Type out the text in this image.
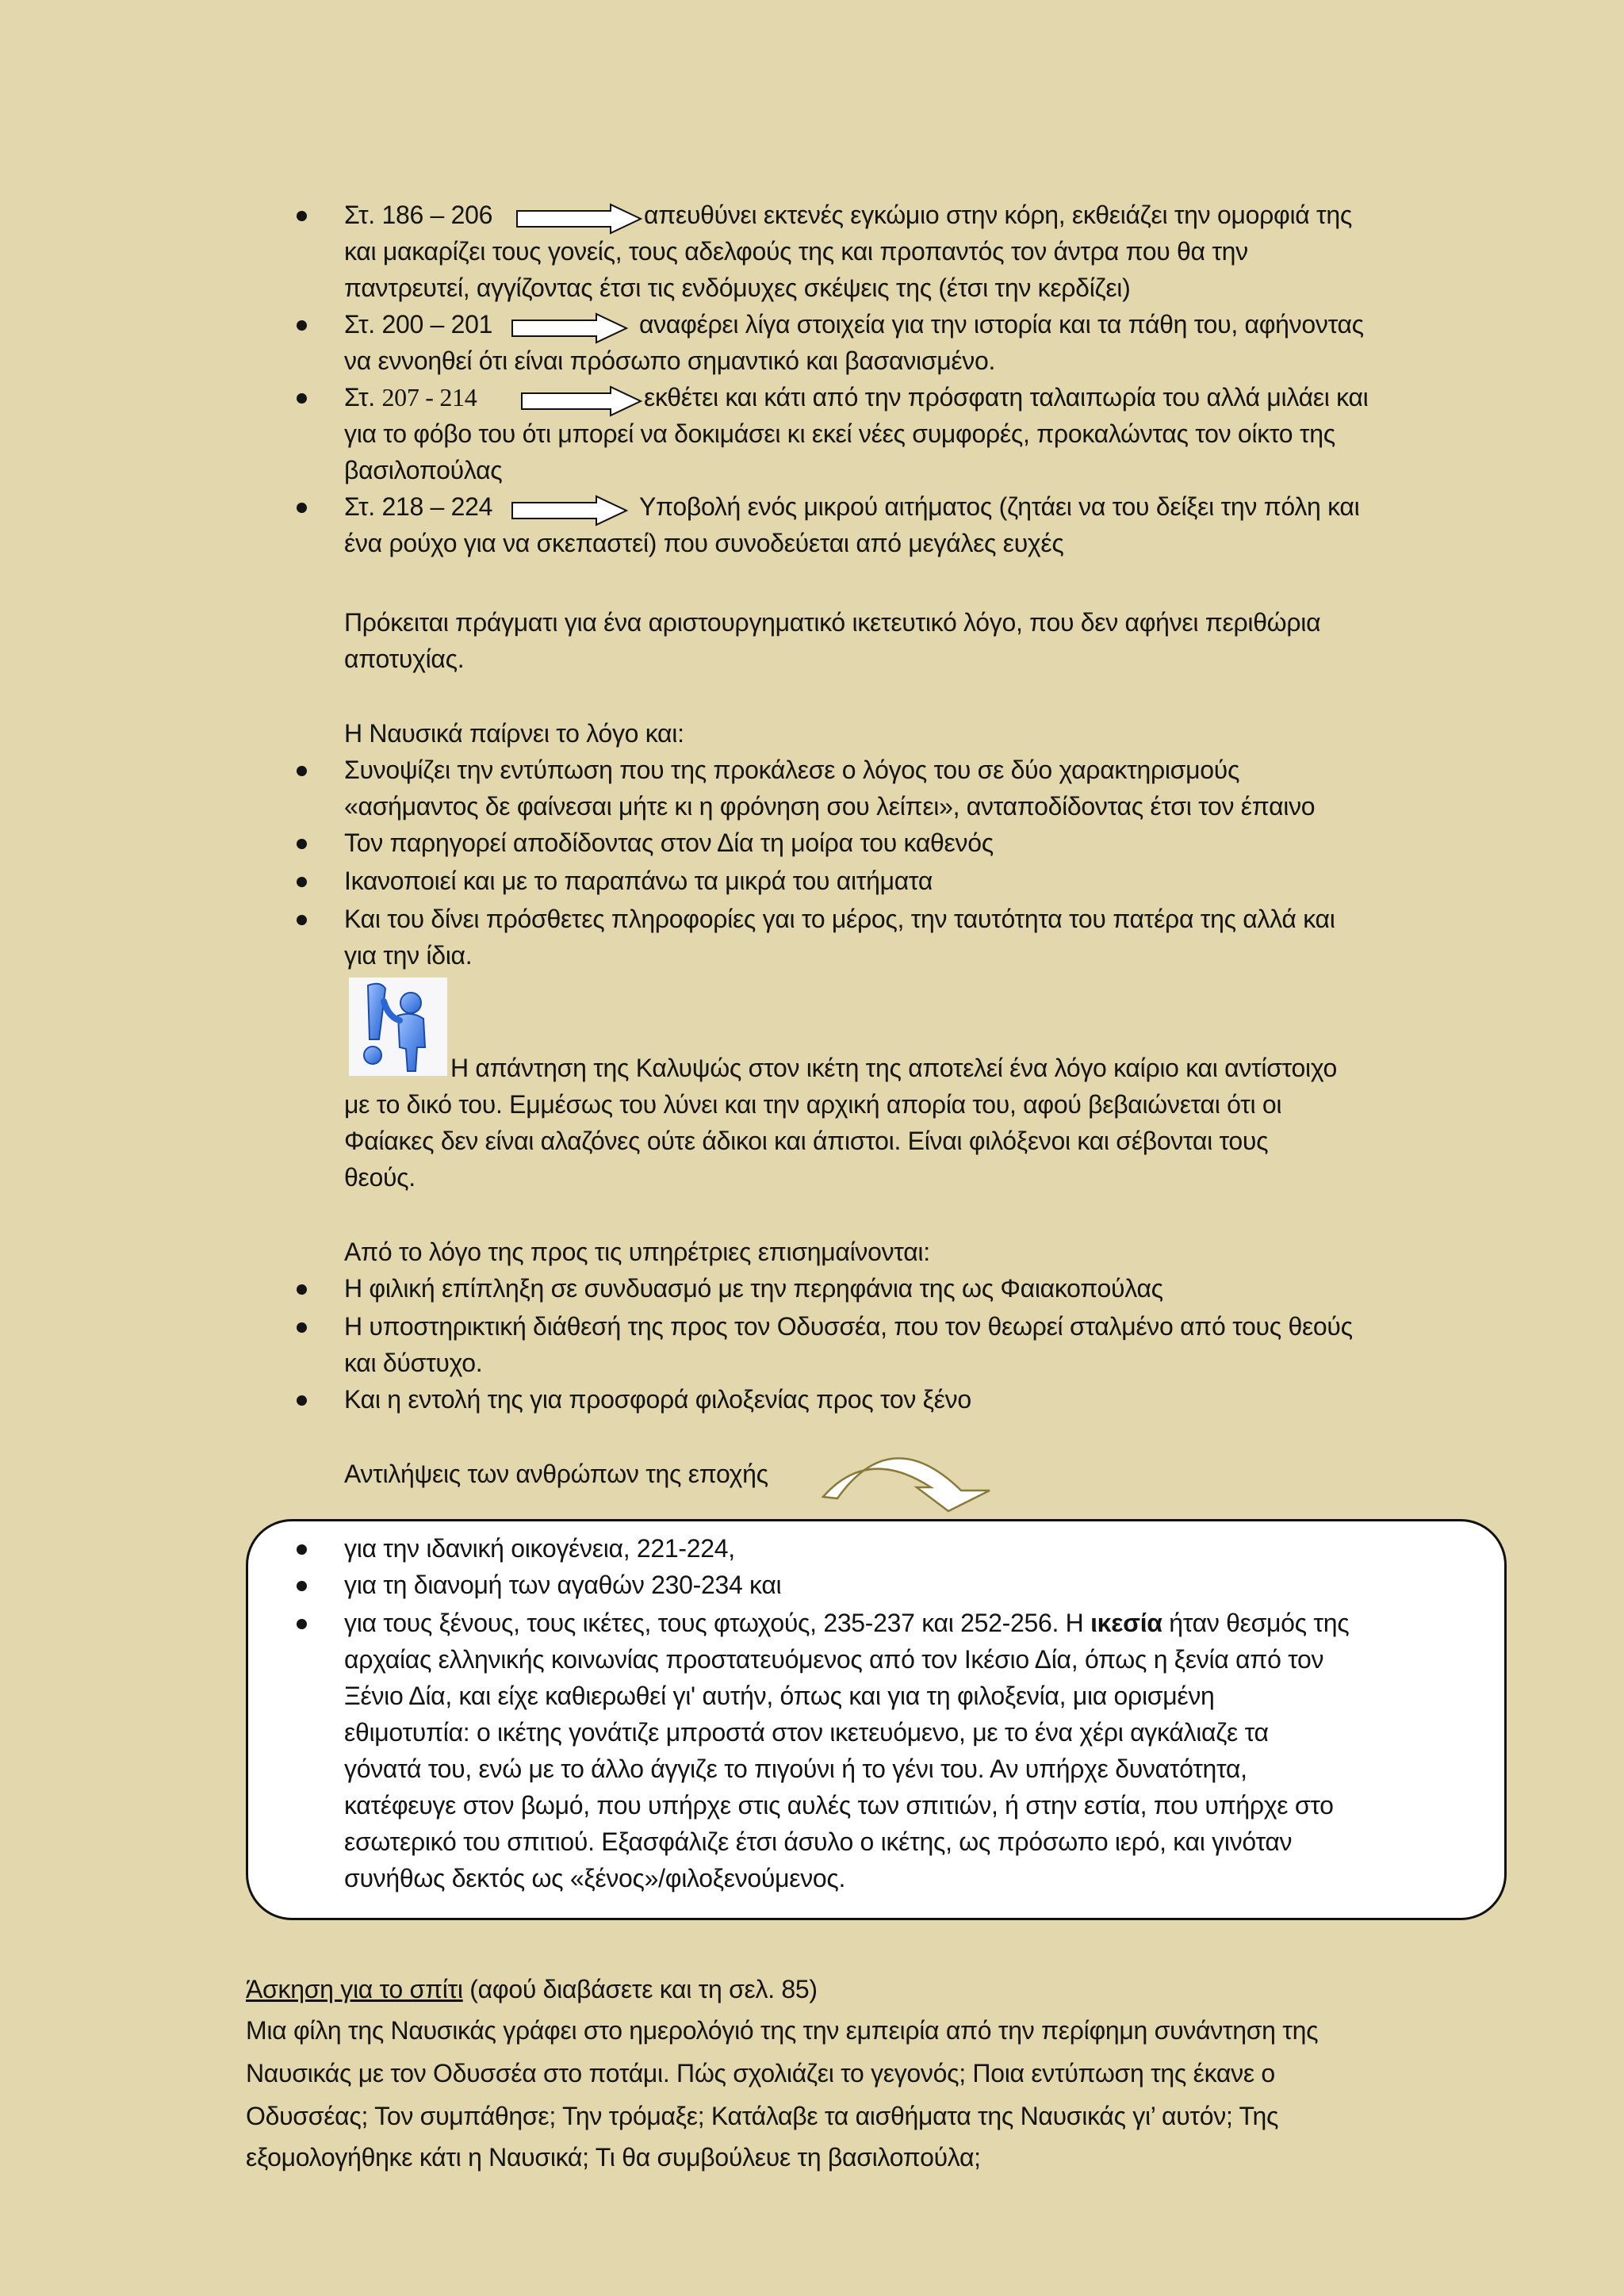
Στ. 186 – 206	απευθύνει εκτενές εγκώμιο στην κόρη, εκθειάζει την ομορφιά της
και μακαρίζει τους γονείς, τους αδελφούς της και προπαντός τον άντρα που θα την
παντρευτεί, αγγίζοντας έτσι τις ενδόμυχες σκέψεις της (έτσι την κερδίζει)
Στ. 200 – 201	αναφέρει λίγα στοιχεία για την ιστορία και τα πάθη του, αφήνοντας
να εννοηθεί ότι είναι πρόσωπο σημαντικό και βασανισμένο.
Στ. 207 - 214	εκθέτει και κάτι από την πρόσφατη ταλαιπωρία του αλλά μιλάει και
για το φόβο του ότι μπορεί να δοκιμάσει κι εκεί νέες συμφορές, προκαλώντας τον οίκτο της
βασιλοπούλας
Στ. 218 – 224	Υποβολή ενός μικρού αιτήματος (ζητάει να του δείξει την πόλη και
ένα ρούχο για να σκεπαστεί) που συνοδεύεται από μεγάλες ευχές
Πρόκειται πράγματι για ένα αριστουργηματικό ικετευτικό λόγο, που δεν αφήνει περιθώρια
αποτυχίας.
Η Ναυσικά παίρνει το λόγο και:
Συνοψίζει την εντύπωση που της προκάλεσε ο λόγος του σε δύο χαρακτηρισμούς
«ασήμαντος δε φαίνεσαι μήτε κι η φρόνηση σου λείπει», ανταποδίδοντας έτσι τον έπαινο
Τον παρηγορεί αποδίδοντας στον Δία τη μοίρα του καθενός
Ικανοποιεί και με το παραπάνω τα μικρά του αιτήματα
Και του δίνει πρόσθετες πληροφορίες γαι το μέρος, την ταυτότητα του πατέρα της αλλά και
για την ίδια.
Η απάντηση της Καλυψώς στον ικέτη της αποτελεί ένα λόγο καίριο και αντίστοιχο
με το δικό του. Εμμέσως του λύνει και την αρχική απορία του, αφού βεβαιώνεται ότι οι
Φαίακες δεν είναι αλαζόνες ούτε άδικοι και άπιστοι. Είναι φιλόξενοι και σέβονται τους
θεούς.
Από το λόγο της προς τις υπηρέτριες επισημαίνονται:
Η φιλική επίπληξη σε συνδυασμό με την περηφάνια της ως Φαιακοπούλας
Η υποστηρικτική διάθεσή της προς τον Οδυσσέα, που τον θεωρεί σταλμένο από τους θεούς
και δύστυχο.
Και η εντολή της για προσφορά φιλοξενίας προς τον ξένο
Αντιλήψεις των ανθρώπων της εποχής
για την ιδανική οικογένεια, 221-224,
για τη διανομή των αγαθών 230-234 και
για τους ξένους, τους ικέτες, τους φτωχούς, 235-237 και 252-256. Η ικεσία ήταν θεσμός της
αρχαίας ελληνικής κοινωνίας προστατευόμενος από τον Ικέσιο Δία, όπως η ξενία από τον
Ξένιο Δία, και είχε καθιερωθεί γι' αυτήν, όπως και για τη φιλοξενία, μια ορισμένη
εθιμοτυπία: ο ικέτης γονάτιζε μπροστά στον ικετευόμενο, με το ένα χέρι αγκάλιαζε τα
γόνατά του, ενώ με το άλλο άγγιζε το πιγούνι ή το γένι του. Αν υπήρχε δυνατότητα,
κατέφευγε στον βωμό, που υπήρχε στις αυλές των σπιτιών, ή στην εστία, που υπήρχε στο
εσωτερικό του σπιτιού. Εξασφάλιζε έτσι άσυλο ο ικέτης, ως πρόσωπο ιερό, και γινόταν
συνήθως δεκτός ως «ξένος»/φιλοξενούμενος.
Άσκηση για το σπίτι (αφού διαβάσετε και τη σελ. 85)
Μια φίλη της Ναυσικάς γράφει στο ημερολόγιό της την εμπειρία από την περίφημη συνάντηση της
Ναυσικάς με τον Οδυσσέα στο ποτάμι. Πώς σχολιάζει το γεγονός; Ποια εντύπωση της έκανε ο
Οδυσσέας; Τον συμπάθησε; Την τρόμαξε; Κατάλαβε τα αισθήματα της Ναυσικάς γι’ αυτόν; Της
εξομολογήθηκε κάτι η Ναυσικά; Τι θα συμβούλευε τη βασιλοπούλα;
